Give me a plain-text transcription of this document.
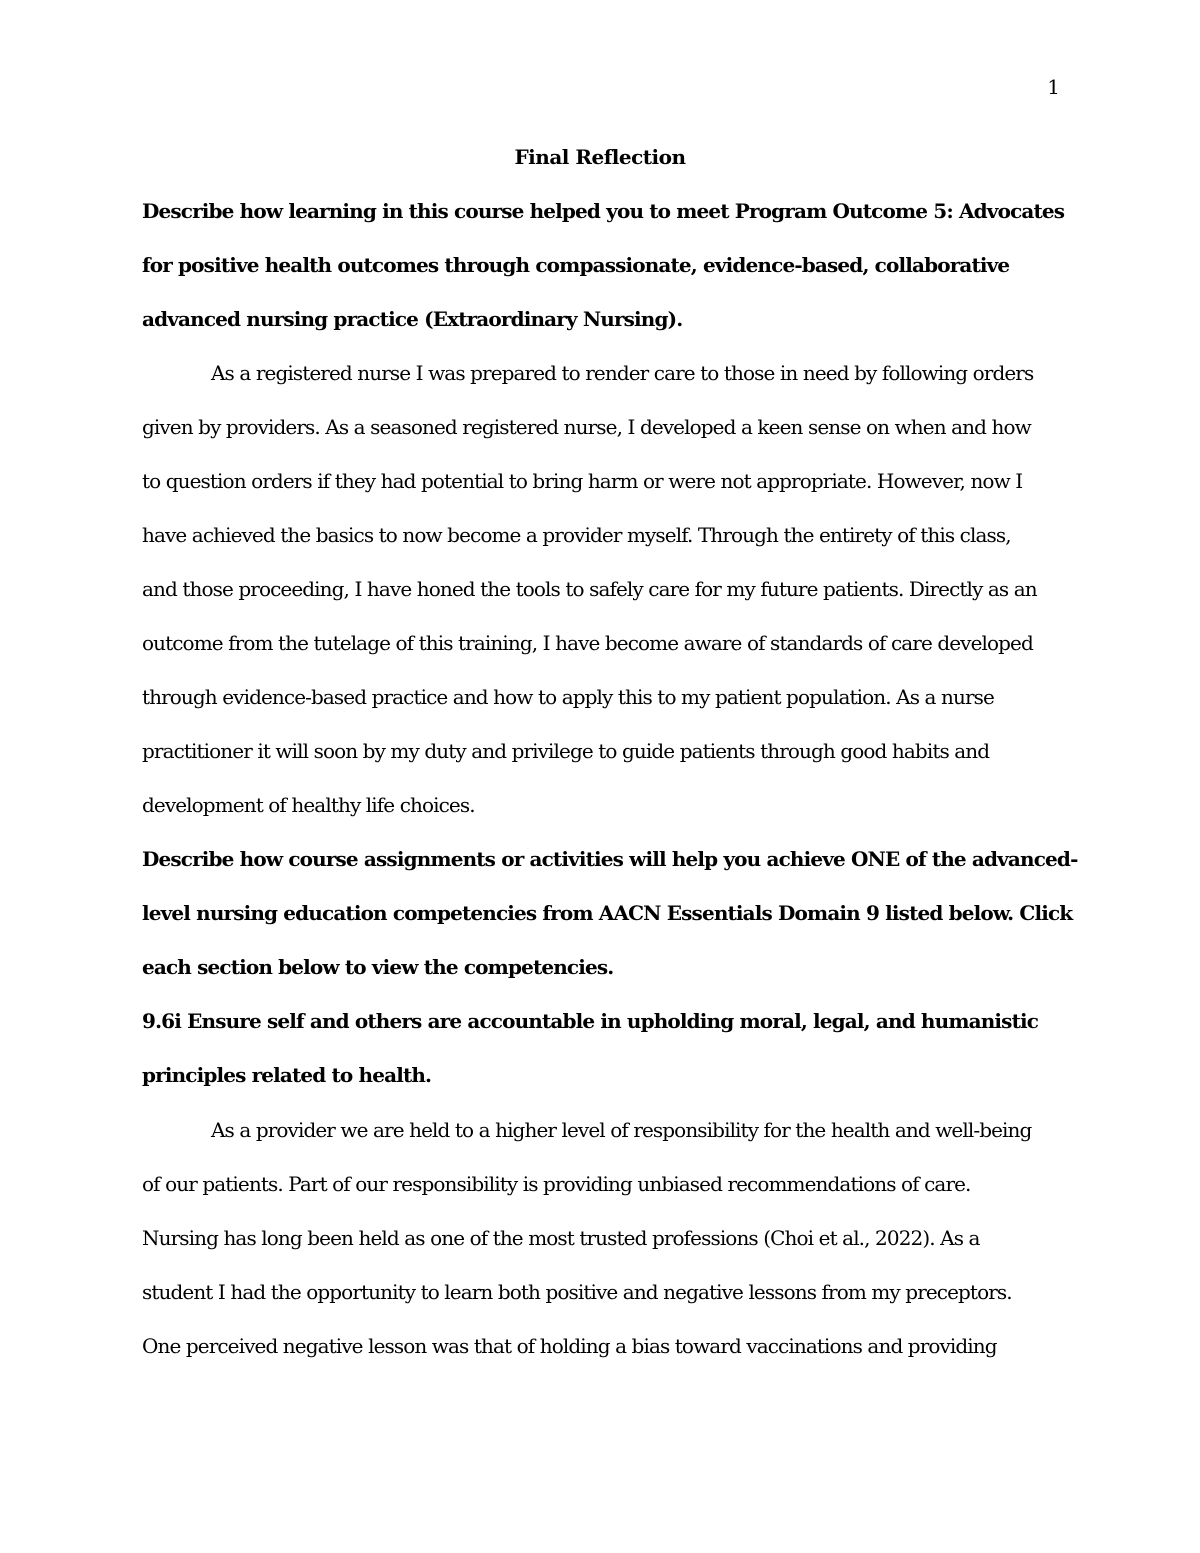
1
Final Reflection
Describe how learning in this course helped you to meet Program Outcome 5: Advocates
for positive health outcomes through compassionate, evidence-based, collaborative
advanced nursing practice (Extraordinary Nursing).
As a registered nurse I was prepared to render care to those in need by following orders
given by providers. As a seasoned registered nurse, I developed a keen sense on when and how
to question orders if they had potential to bring harm or were not appropriate. However, now I
have achieved the basics to now become a provider myself. Through the entirety of this class,
and those proceeding, I have honed the tools to safely care for my future patients. Directly as an
outcome from the tutelage of this training, I have become aware of standards of care developed
through evidence-based practice and how to apply this to my patient population. As a nurse
practitioner it will soon by my duty and privilege to guide patients through good habits and
development of healthy life choices.
Describe how course assignments or activities will help you achieve ONE of the advanced-
level nursing education competencies from AACN Essentials Domain 9 listed below. Click
each section below to view the competencies.
9.6i Ensure self and others are accountable in upholding moral, legal, and humanistic
principles related to health.
As a provider we are held to a higher level of responsibility for the health and well-being
of our patients. Part of our responsibility is providing unbiased recommendations of care.
Nursing has long been held as one of the most trusted professions (Choi et al., 2022). As a
student I had the opportunity to learn both positive and negative lessons from my preceptors.
One perceived negative lesson was that of holding a bias toward vaccinations and providing
